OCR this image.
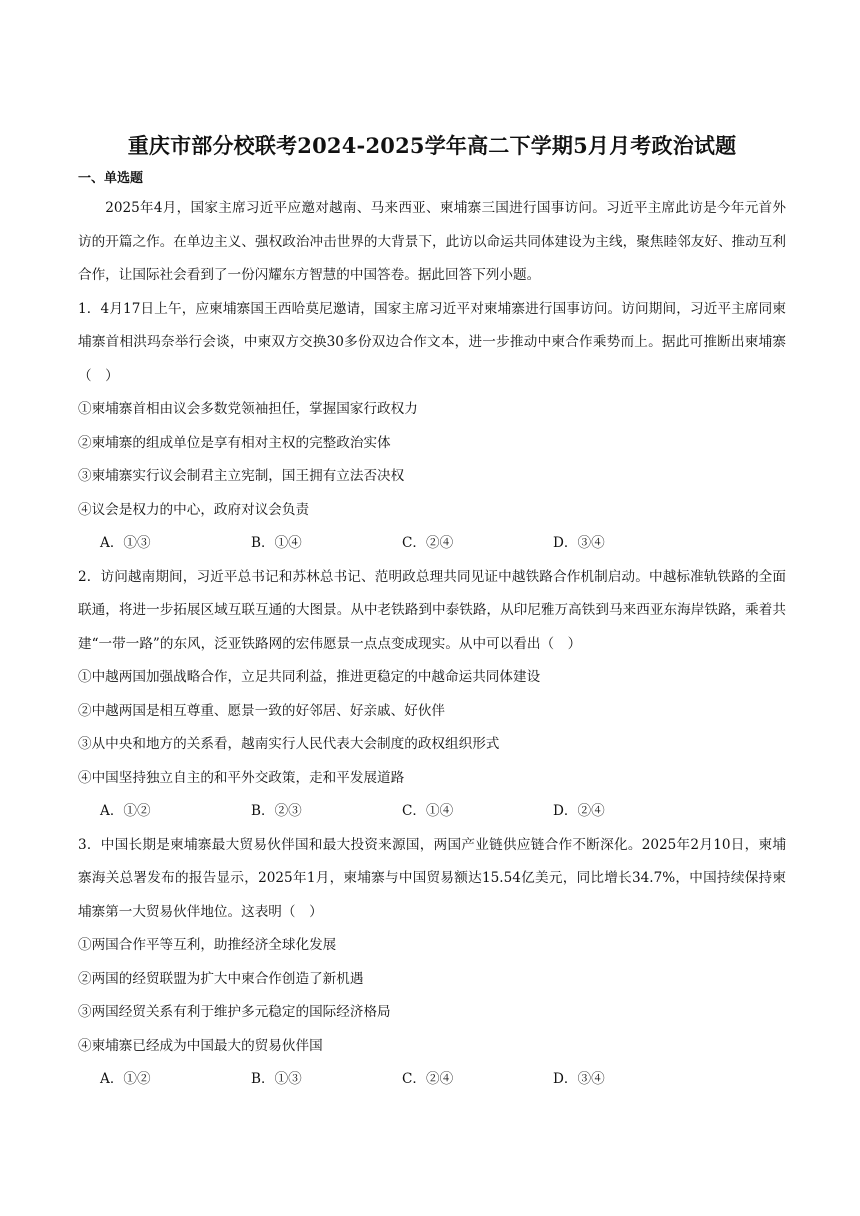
重庆市部分校联考2024-2025学年高二下学期5月月考政治试题
一、单选题

2025年4月，国家主席习近平应邀对越南、马来西亚、柬埔寨三国进行国事访问。习近平主席此访是今年元首外访的开篇之作。在单边主义、强权政治冲击世界的大背景下，此访以命运共同体建设为主线，聚焦睦邻友好、推动互利合作，让国际社会看到了一份闪耀东方智慧的中国答卷。据此回答下列小题。

1．4月17日上午，应柬埔寨国王西哈莫尼邀请，国家主席习近平对柬埔寨进行国事访问。访问期间，习近平主席同柬埔寨首相洪玛奈举行会谈，中柬双方交换30多份双边合作文本，进一步推动中柬合作乘势而上。据此可推断出柬埔寨（　）

①柬埔寨首相由议会多数党领袖担任，掌握国家行政权力

②柬埔寨的组成单位是享有相对主权的完整政治实体

③柬埔寨实行议会制君主立宪制，国王拥有立法否决权

④议会是权力的中心，政府对议会负责

A．①③	B．①④	C．②④	D．③④

2．访问越南期间，习近平总书记和苏林总书记、范明政总理共同见证中越铁路合作机制启动。中越标准轨铁路的全面联通，将进一步拓展区域互联互通的大图景。从中老铁路到中泰铁路，从印尼雅万高铁到马来西亚东海岸铁路，乘着共建“一带一路”的东风，泛亚铁路网的宏伟愿景一点点变成现实。从中可以看出（　）

①中越两国加强战略合作，立足共同利益，推进更稳定的中越命运共同体建设

②中越两国是相互尊重、愿景一致的好邻居、好亲戚、好伙伴

③从中央和地方的关系看，越南实行人民代表大会制度的政权组织形式

④中国坚持独立自主的和平外交政策，走和平发展道路

A．①②	B．②③	C．①④	D．②④

3．中国长期是柬埔寨最大贸易伙伴国和最大投资来源国，两国产业链供应链合作不断深化。2025年2月10日，柬埔寨海关总署发布的报告显示，2025年1月，柬埔寨与中国贸易额达15.54亿美元，同比增长34.7%，中国持续保持柬埔寨第一大贸易伙伴地位。这表明（　）

①两国合作平等互利，助推经济全球化发展

②两国的经贸联盟为扩大中柬合作创造了新机遇

③两国经贸关系有利于维护多元稳定的国际经济格局

④柬埔寨已经成为中国最大的贸易伙伴国

A．①②	B．①③	C．②④	D．③④
